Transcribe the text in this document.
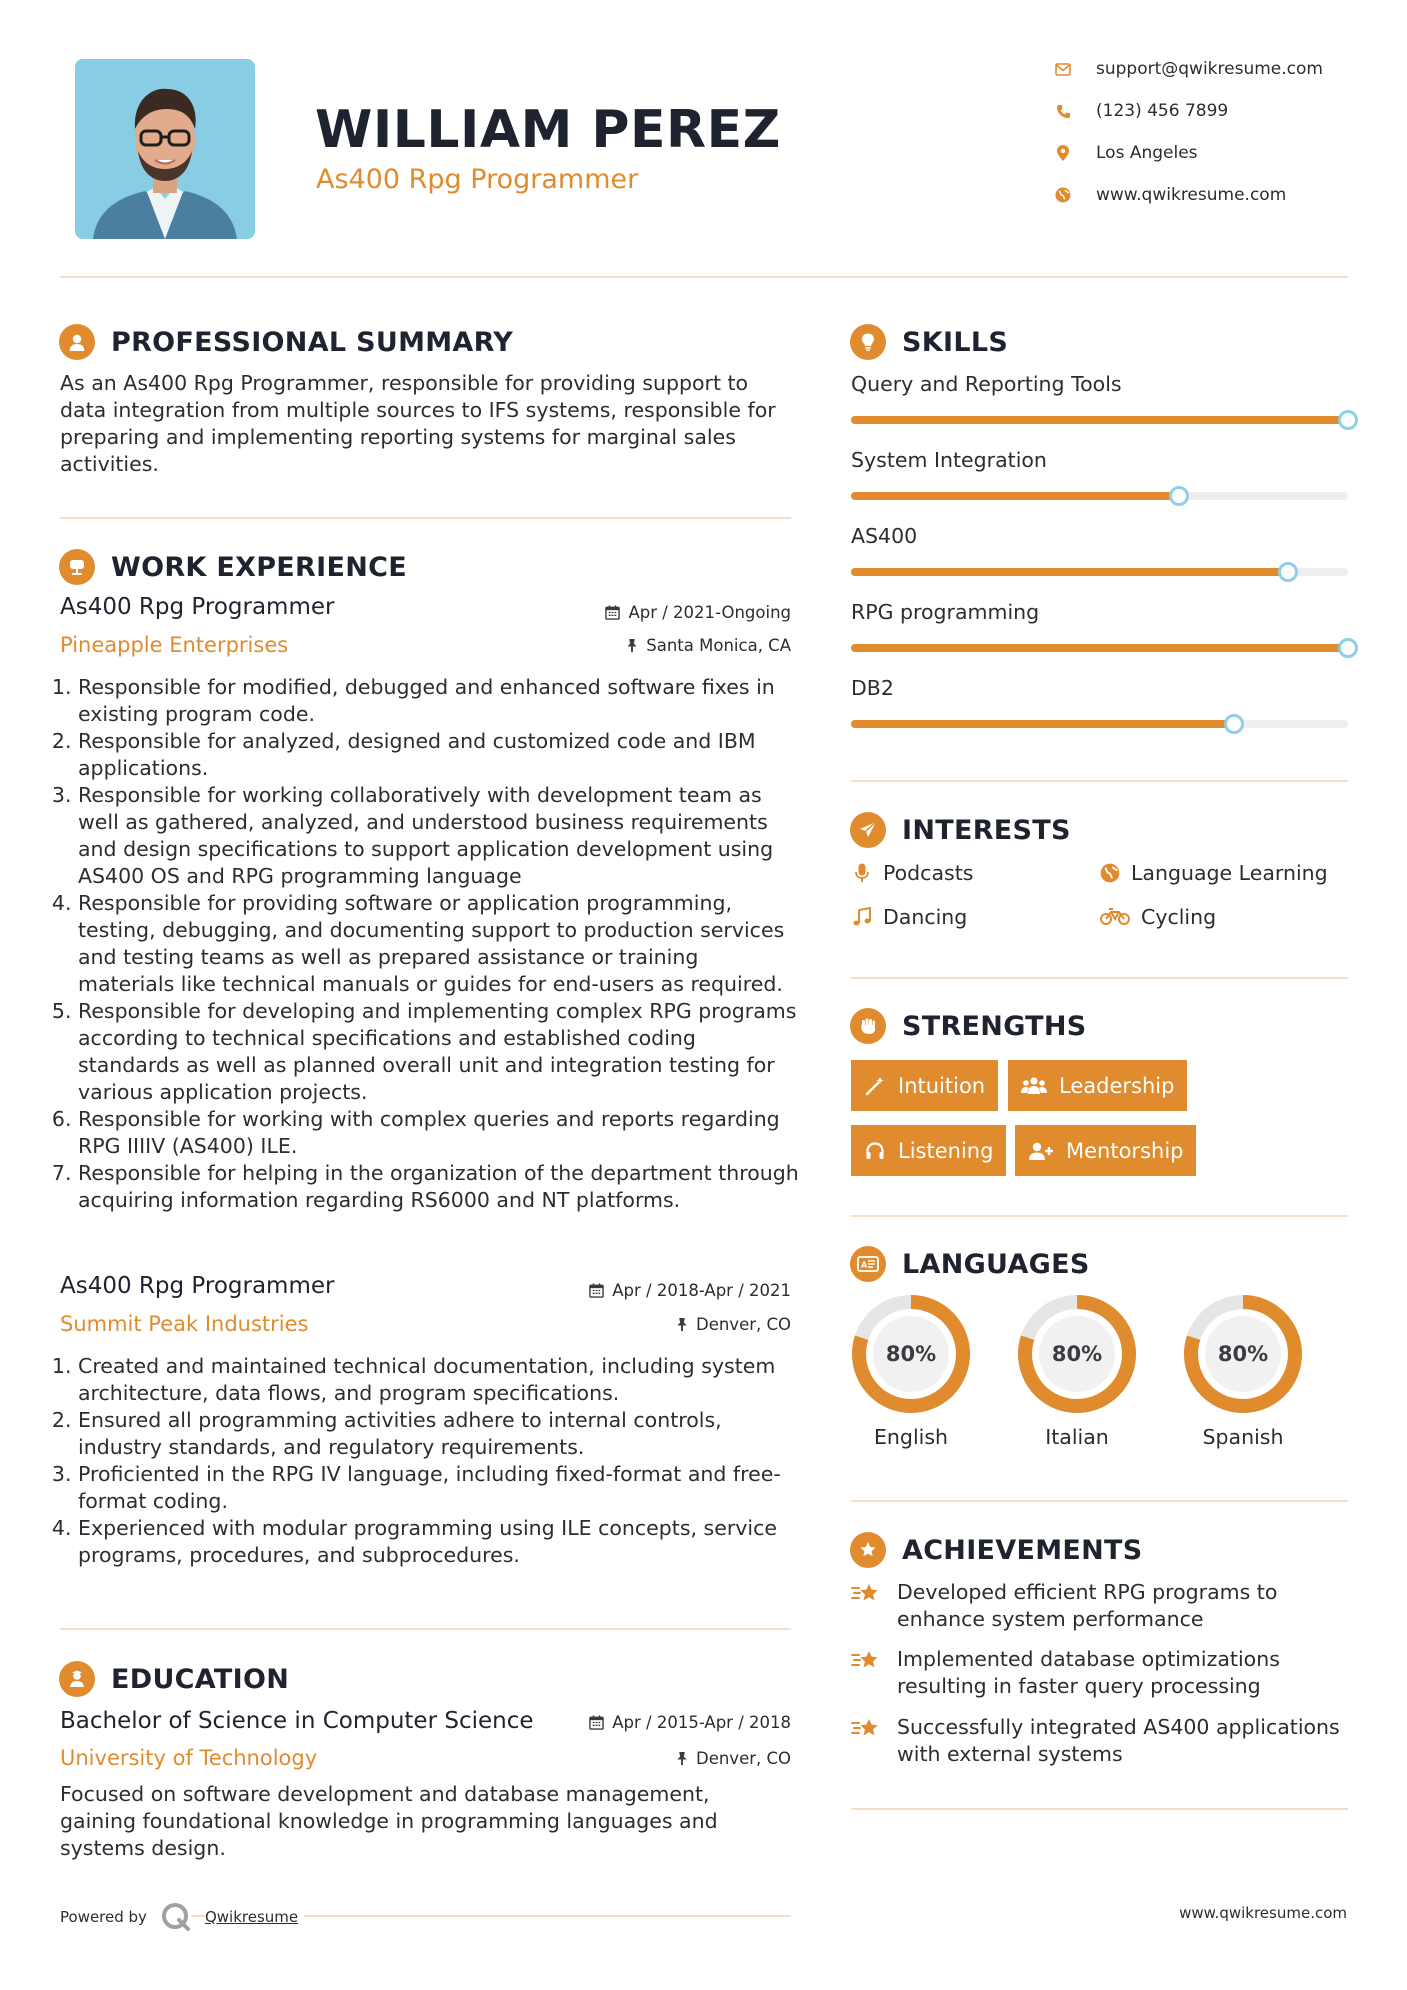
WILLIAM PEREZ
As400 Rpg Programmer
support@qwikresume.com
(123) 456 7899
Los Angeles
www.qwikresume.com
PROFESSIONAL SUMMARY
As an As400 Rpg Programmer, responsible for providing support to data integration from multiple sources to IFS systems, responsible for preparing and implementing reporting systems for marginal sales activities.
WORK EXPERIENCE
As400 Rpg Programmer	Apr / 2021-Ongoing
Pineapple Enterprises	Santa Monica, CA
1. Responsible for modified, debugged and enhanced software fixes in existing program code.
2. Responsible for analyzed, designed and customized code and IBM applications.
3. Responsible for working collaboratively with development team as well as gathered, analyzed, and understood business requirements and design specifications to support application development using AS400 OS and RPG programming language
4. Responsible for providing software or application programming, testing, debugging, and documenting support to production services and testing teams as well as prepared assistance or training materials like technical manuals or guides for end-users as required.
5. Responsible for developing and implementing complex RPG programs according to technical specifications and established coding standards as well as planned overall unit and integration testing for various application projects.
6. Responsible for working with complex queries and reports regarding RPG IIIIV (AS400) ILE.
7. Responsible for helping in the organization of the department through acquiring information regarding RS6000 and NT platforms.
As400 Rpg Programmer	Apr / 2018-Apr / 2021
Summit Peak Industries	Denver, CO
1. Created and maintained technical documentation, including system architecture, data flows, and program specifications.
2. Ensured all programming activities adhere to internal controls, industry standards, and regulatory requirements.
3. Proficiented in the RPG IV language, including fixed-format and free-format coding.
4. Experienced with modular programming using ILE concepts, service programs, procedures, and subprocedures.
EDUCATION
Bachelor of Science in Computer Science	Apr / 2015-Apr / 2018
University of Technology	Denver, CO
Focused on software development and database management, gaining foundational knowledge in programming languages and systems design.
SKILLS
Query and Reporting Tools
System Integration
AS400
RPG programming
DB2
INTERESTS
Podcasts	Language Learning
Dancing	Cycling
STRENGTHS
Intuition	Leadership
Listening	Mentorship
A LANGUAGES
80%
English
80%
Italian
80%
Spanish
ACHIEVEMENTS
Developed efficient RPG programs to enhance system performance
Implemented database optimizations resulting in faster query processing
Successfully integrated AS400 applications with external systems
Powered by	Qwikresume	www.qwikresume.com
